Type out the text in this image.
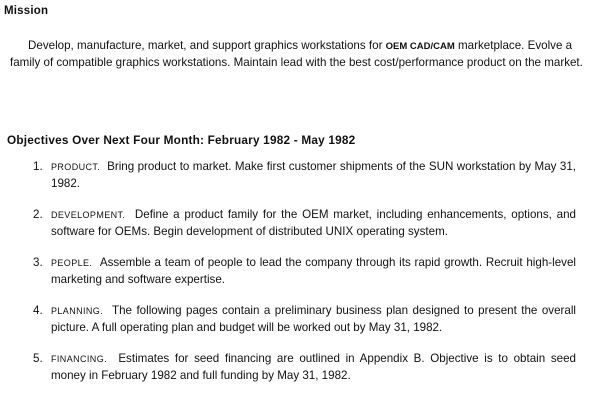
Mission
Develop, manufacture, market, and support graphics workstations for OEM CAD/CAM marketplace. Evolve a family of compatible graphics workstations. Maintain lead with the best cost/performance product on the market.
Objectives Over Next Four Month: February 1982 - May 1982
1. PRODUCT. Bring product to market. Make first customer shipments of the SUN workstation by May 31, 1982.
2. DEVELOPMENT. Define a product family for the OEM market, including enhancements, options, and software for OEMs. Begin development of distributed UNIX operating system.
3. PEOPLE. Assemble a team of people to lead the company through its rapid growth. Recruit high-level marketing and software expertise.
4. PLANNING. The following pages contain a preliminary business plan designed to present the overall picture. A full operating plan and budget will be worked out by May 31, 1982.
5. FINANCING. Estimates for seed financing are outlined in Appendix B. Objective is to obtain seed money in February 1982 and full funding by May 31, 1982.
